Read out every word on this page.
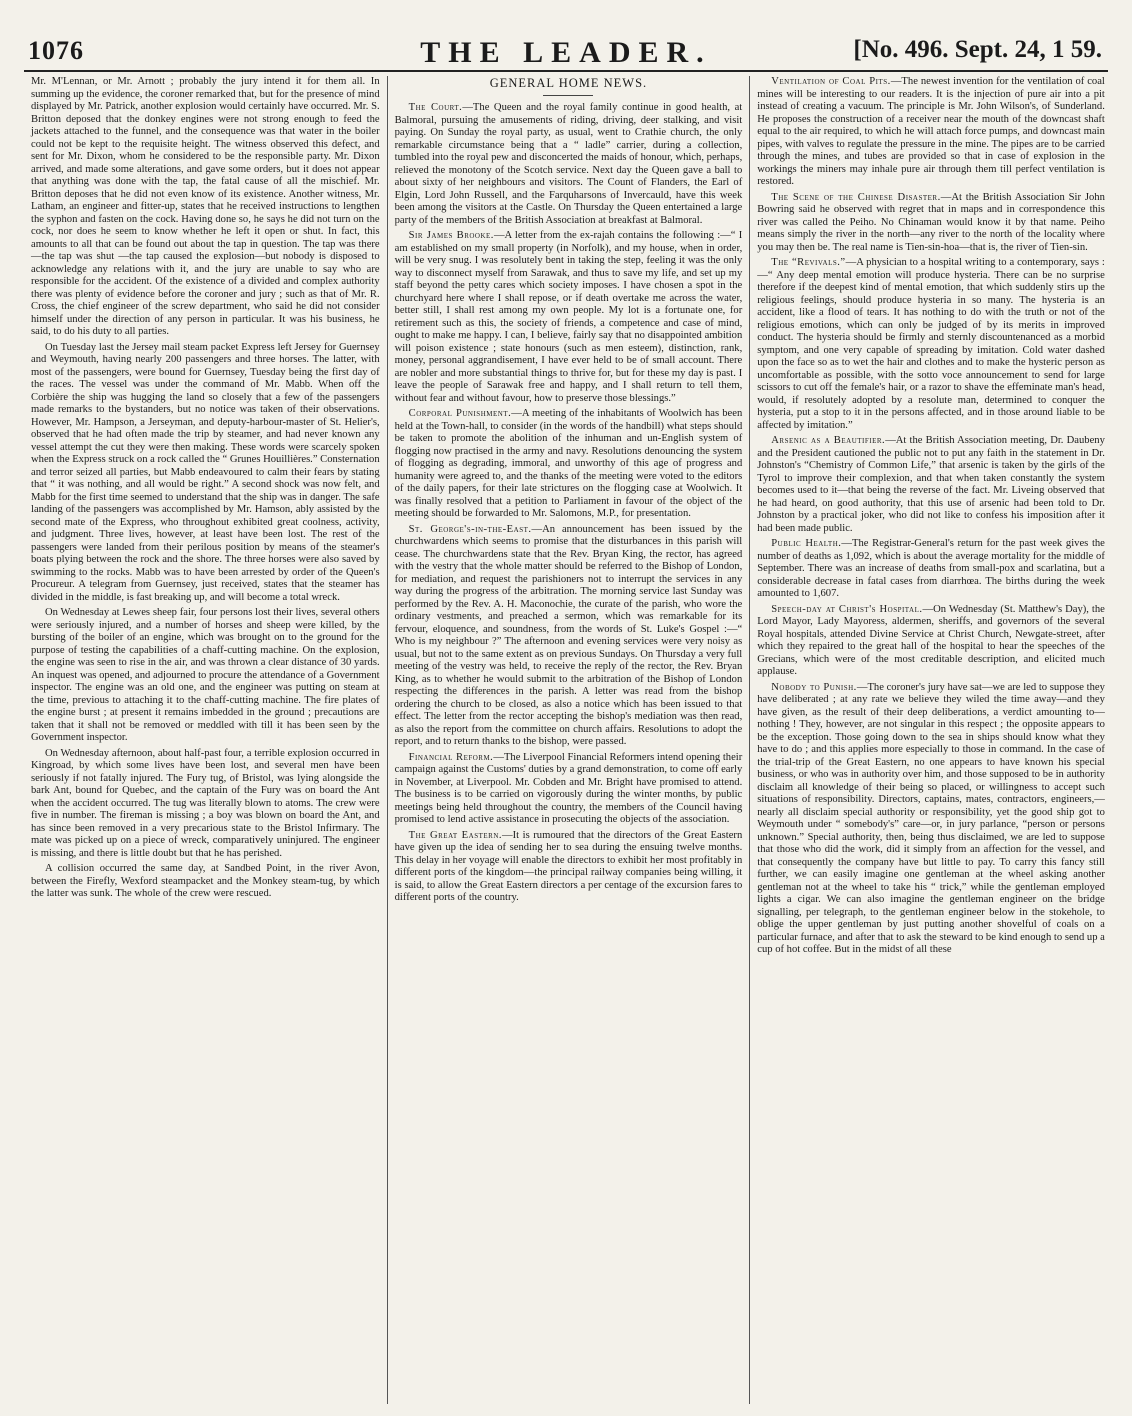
1076	THE LEADER.	[No. 496. Sept. 24, 1 59.

Mr. M'Lennan, or Mr. Arnott ; probably the jury intend it for them all. In summing up the evidence, the coroner remarked that, but for the presence of mind displayed by Mr. Patrick, another explosion would certainly have occurred. Mr. S. Britton deposed that the donkey engines were not strong enough to feed the jackets attached to the funnel, and the consequence was that water in the boiler could not be kept to the requisite height. The witness observed this defect, and sent for Mr. Dixon, whom he considered to be the responsible party. Mr. Dixon arrived, and made some alterations, and gave some orders, but it does not appear that anything was done with the tap, the fatal cause of all the mischief. Mr. Britton deposes that he did not even know of its existence. Another witness, Mr. Latham, an engineer and fitter-up, states that he received instructions to lengthen the syphon and fasten on the cock. Having done so, he says he did not turn on the cock, nor does he seem to know whether he left it open or shut. In fact, this amounts to all that can be found out about the tap in question. The tap was there—the tap was shut —the tap caused the explosion—but nobody is disposed to acknowledge any relations with it, and the jury are unable to say who are responsible for the accident. Of the existence of a divided and complex authority there was plenty of evidence before the coroner and jury ; such as that of Mr. R. Cross, the chief engineer of the screw department, who said he did not consider himself under the direction of any person in particular. It was his business, he said, to do his duty to all parties.

On Tuesday last the Jersey mail steam packet Express left Jersey for Guernsey and Weymouth, having nearly 200 passengers and three horses. The latter, with most of the passengers, were bound for Guernsey, Tuesday being the first day of the races. The vessel was under the command of Mr. Mabb. When off the Corbière the ship was hugging the land so closely that a few of the passengers made remarks to the bystanders, but no notice was taken of their observations. However, Mr. Hampson, a Jerseyman, and deputy-harbour-master of St. Helier's, observed that he had often made the trip by steamer, and had never known any vessel attempt the cut they were then making. These words were scarcely spoken when the Express struck on a rock called the “ Grunes Houillières.” Consternation and terror seized all parties, but Mabb endeavoured to calm their fears by stating that “ it was nothing, and all would be right.” A second shock was now felt, and Mabb for the first time seemed to understand that the ship was in danger. The safe landing of the passengers was accomplished by Mr. Hamson, ably assisted by the second mate of the Express, who throughout exhibited great coolness, activity, and judgment. Three lives, however, at least have been lost. The rest of the passengers were landed from their perilous position by means of the steamer's boats plying between the rock and the shore. The three horses were also saved by swimming to the rocks. Mabb was to have been arrested by order of the Queen's Procureur. A telegram from Guernsey, just received, states that the steamer has divided in the middle, is fast breaking up, and will become a total wreck.

On Wednesday at Lewes sheep fair, four persons lost their lives, several others were seriously injured, and a number of horses and sheep were killed, by the bursting of the boiler of an engine, which was brought on to the ground for the purpose of testing the capabilities of a chaff-cutting machine. On the explosion, the engine was seen to rise in the air, and was thrown a clear distance of 30 yards. An inquest was opened, and adjourned to procure the attendance of a Government inspector. The engine was an old one, and the engineer was putting on steam at the time, previous to attaching it to the chaff-cutting machine. The fire plates of the engine burst ; at present it remains imbedded in the ground ; precautions are taken that it shall not be removed or meddled with till it has been seen by the Government inspector.

On Wednesday afternoon, about half-past four, a terrible explosion occurred in Kingroad, by which some lives have been lost, and several men have been seriously if not fatally injured. The Fury tug, of Bristol, was lying alongside the bark Ant, bound for Quebec, and the captain of the Fury was on board the Ant when the accident occurred. The tug was literally blown to atoms. The crew were five in number. The fireman is missing ; a boy was blown on board the Ant, and has since been removed in a very precarious state to the Bristol Infirmary. The mate was picked up on a piece of wreck, comparatively uninjured. The engineer is missing, and there is little doubt but that he has perished.

A collision occurred the same day, at Sandbed Point, in the river Avon, between the Firefly, Wexford steampacket and the Monkey steam-tug, by which the latter was sunk. The whole of the crew were rescued.

GENERAL HOME NEWS.

The Court.—The Queen and the royal family continue in good health, at Balmoral, pursuing the amusements of riding, driving, deer stalking, and visit paying. On Sunday the royal party, as usual, went to Crathie church, the only remarkable circumstance being that a “ ladle” carrier, during a collection, tumbled into the royal pew and disconcerted the maids of honour, which, perhaps, relieved the monotony of the Scotch service. Next day the Queen gave a ball to about sixty of her neighbours and visitors. The Count of Flanders, the Earl of Elgin, Lord John Russell, and the Farquharsons of Invercauld, have this week been among the visitors at the Castle. On Thursday the Queen entertained a large party of the members of the British Association at breakfast at Balmoral.

Sir James Brooke.—A letter from the ex-rajah contains the following :—“ I am established on my small property (in Norfolk), and my house, when in order, will be very snug. I was resolutely bent in taking the step, feeling it was the only way to disconnect myself from Sarawak, and thus to save my life, and set up my staff beyond the petty cares which society imposes. I have chosen a spot in the churchyard here where I shall repose, or if death overtake me across the water, better still, I shall rest among my own people. My lot is a fortunate one, for retirement such as this, the society of friends, a competence and case of mind, ought to make me happy. I can, I believe, fairly say that no disappointed ambition will poison existence ; state honours (such as men esteem), distinction, rank, money, personal aggrandisement, I have ever held to be of small account. There are nobler and more substantial things to thrive for, but for these my day is past. I leave the people of Sarawak free and happy, and I shall return to tell them, without fear and without favour, how to preserve those blessings.”

Corporal Punishment.—A meeting of the inhabitants of Woolwich has been held at the Town-hall, to consider (in the words of the handbill) what steps should be taken to promote the abolition of the inhuman and un-English system of flogging now practised in the army and navy. Resolutions denouncing the system of flogging as degrading, immoral, and unworthy of this age of progress and humanity were agreed to, and the thanks of the meeting were voted to the editors of the daily papers, for their late strictures on the flogging case at Woolwich. It was finally resolved that a petition to Parliament in favour of the object of the meeting should be forwarded to Mr. Salomons, M.P., for presentation.

St. George's-in-the-East.—An announcement has been issued by the churchwardens which seems to promise that the disturbances in this parish will cease. The churchwardens state that the Rev. Bryan King, the rector, has agreed with the vestry that the whole matter should be referred to the Bishop of London, for mediation, and request the parishioners not to interrupt the services in any way during the progress of the arbitration. The morning service last Sunday was performed by the Rev. A. H. Maconochie, the curate of the parish, who wore the ordinary vestments, and preached a sermon, which was remarkable for its fervour, eloquence, and soundness, from the words of St. Luke's Gospel :—“ Who is my neighbour ?” The afternoon and evening services were very noisy as usual, but not to the same extent as on previous Sundays. On Thursday a very full meeting of the vestry was held, to receive the reply of the rector, the Rev. Bryan King, as to whether he would submit to the arbitration of the Bishop of London respecting the differences in the parish. A letter was read from the bishop ordering the church to be closed, as also a notice which has been issued to that effect. The letter from the rector accepting the bishop's mediation was then read, as also the report from the committee on church affairs. Resolutions to adopt the report, and to return thanks to the bishop, were passed.

Financial Reform.—The Liverpool Financial Reformers intend opening their campaign against the Customs' duties by a grand demonstration, to come off early in November, at Liverpool. Mr. Cobden and Mr. Bright have promised to attend. The business is to be carried on vigorously during the winter months, by public meetings being held throughout the country, the members of the Council having promised to lend active assistance in prosecuting the objects of the association.

The Great Eastern.—It is rumoured that the directors of the Great Eastern have given up the idea of sending her to sea during the ensuing twelve months. This delay in her voyage will enable the directors to exhibit her most profitably in different ports of the kingdom—the principal railway companies being willing, it is said, to allow the Great Eastern directors a per centage of the excursion fares to different ports of the country.

Ventilation of Coal Pits.—The newest invention for the ventilation of coal mines will be interesting to our readers. It is the injection of pure air into a pit instead of creating a vacuum. The principle is Mr. John Wilson's, of Sunderland. He proposes the construction of a receiver near the mouth of the downcast shaft equal to the air required, to which he will attach force pumps, and downcast main pipes, with valves to regulate the pressure in the mine. The pipes are to be carried through the mines, and tubes are provided so that in case of explosion in the workings the miners may inhale pure air through them till perfect ventilation is restored.

The Scene of the Chinese Disaster.—At the British Association Sir John Bowring said he observed with regret that in maps and in correspondence this river was called the Peiho. No Chinaman would know it by that name. Peiho means simply the river in the north—any river to the north of the locality where you may then be. The real name is Tien-sin-hoa—that is, the river of Tien-sin.

The “Revivals.”—A physician to a hospital writing to a contemporary, says :—“ Any deep mental emotion will produce hysteria. There can be no surprise therefore if the deepest kind of mental emotion, that which suddenly stirs up the religious feelings, should produce hysteria in so many. The hysteria is an accident, like a flood of tears. It has nothing to do with the truth or not of the religious emotions, which can only be judged of by its merits in improved conduct. The hysteria should be firmly and sternly discountenanced as a morbid symptom, and one very capable of spreading by imitation. Cold water dashed upon the face so as to wet the hair and clothes and to make the hysteric person as uncomfortable as possible, with the sotto voce announcement to send for large scissors to cut off the female's hair, or a razor to shave the effeminate man's head, would, if resolutely adopted by a resolute man, determined to conquer the hysteria, put a stop to it in the persons affected, and in those around liable to be affected by imitation.”

Arsenic as a Beautifier.—At the British Association meeting, Dr. Daubeny and the President cautioned the public not to put any faith in the statement in Dr. Johnston's “Chemistry of Common Life,” that arsenic is taken by the girls of the Tyrol to improve their complexion, and that when taken constantly the system becomes used to it—that being the reverse of the fact. Mr. Liveing observed that he had heard, on good authority, that this use of arsenic had been told to Dr. Johnston by a practical joker, who did not like to confess his imposition after it had been made public.

Public Health.—The Registrar-General's return for the past week gives the number of deaths as 1,092, which is about the average mortality for the middle of September. There was an increase of deaths from small-pox and scarlatina, but a considerable decrease in fatal cases from diarrhœa. The births during the week amounted to 1,607.

Speech-day at Christ's Hospital.—On Wednesday (St. Matthew's Day), the Lord Mayor, Lady Mayoress, aldermen, sheriffs, and governors of the several Royal hospitals, attended Divine Service at Christ Church, Newgate-street, after which they repaired to the great hall of the hospital to hear the speeches of the Grecians, which were of the most creditable description, and elicited much applause.

Nobody to Punish.—The coroner's jury have sat—we are led to suppose they have deliberated ; at any rate we believe they wiled the time away—and they have given, as the result of their deep deliberations, a verdict amounting to—nothing ! They, however, are not singular in this respect ; the opposite appears to be the exception. Those going down to the sea in ships should know what they have to do ; and this applies more especially to those in command. In the case of the trial-trip of the Great Eastern, no one appears to have known his special business, or who was in authority over him, and those supposed to be in authority disclaim all knowledge of their being so placed, or willingness to accept such situations of responsibility. Directors, captains, mates, contractors, engineers,— nearly all disclaim special authority or responsibility, yet the good ship got to Weymouth under “ somebody's” care—or, in jury parlance, “person or persons unknown.” Special authority, then, being thus disclaimed, we are led to suppose that those who did the work, did it simply from an affection for the vessel, and that consequently the company have but little to pay. To carry this fancy still further, we can easily imagine one gentleman at the wheel asking another gentleman not at the wheel to take his “ trick,” while the gentleman employed lights a cigar. We can also imagine the gentleman engineer on the bridge signalling, per telegraph, to the gentleman engineer below in the stokehole, to oblige the upper gentleman by just putting another shovelful of coals on a particular furnace, and after that to ask the steward to be kind enough to send up a cup of hot coffee. But in the midst of all these
